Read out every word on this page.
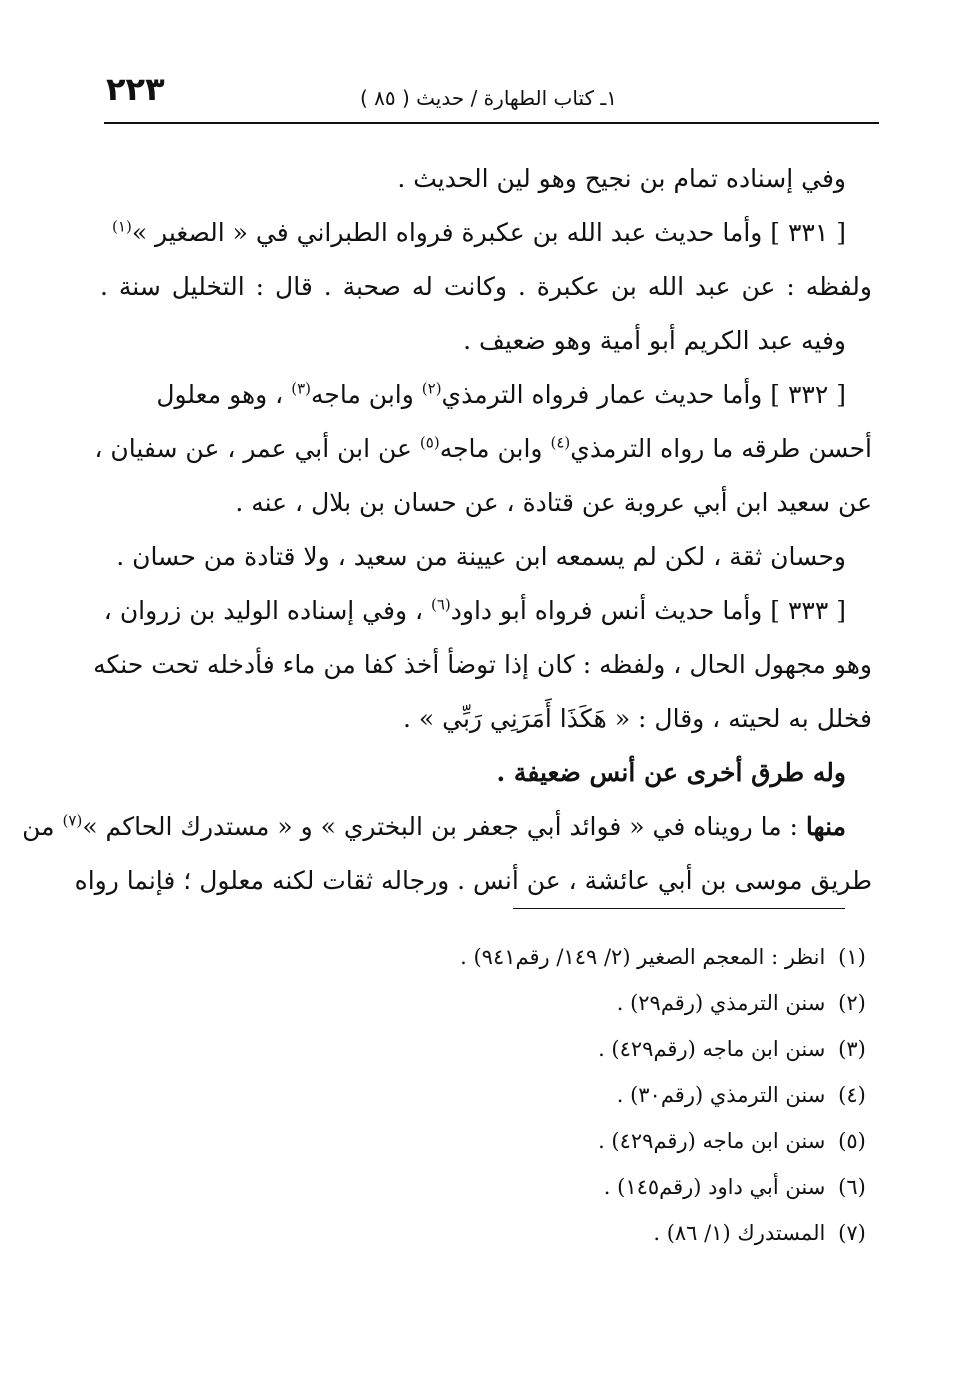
٢٢٣	١ـ كتاب الطهارة / حديث ( ٨٥ )
وفي إسناده تمام بن نجيح وهو لين الحديث .
[ ٣٣١ ] وأما حديث عبد الله بن عكبرة فرواه الطبراني في « الصغير »$^{(١)}$
ولفظه : عن عبد الله بن عكبرة . وكانت له صحبة . قال : التخليل سنة .
وفيه عبد الكريم أبو أمية وهو ضعيف .
[ ٣٣٢ ] وأما حديث عمار فرواه الترمذي$^{(٢)}$ وابن ماجه$^{(٣)}$ ، وهو معلول
أحسن طرقه ما رواه الترمذي$^{(٤)}$ وابن ماجه$^{(٥)}$ عن ابن أبي عمر ، عن سفيان ،
عن سعيد ابن أبي عروبة عن قتادة ، عن حسان بن بلال ، عنه .
وحسان ثقة ، لكن لم يسمعه ابن عيينة من سعيد ، ولا قتادة من حسان .
[ ٣٣٣ ] وأما حديث أنس فرواه أبو داود$^{(٦)}$ ، وفي إسناده الوليد بن زروان ،
وهو مجهول الحال ، ولفظه : كان إذا توضأ أخذ كفا من ماء فأدخله تحت حنكه
فخلل به لحيته ، وقال : « هَكَذَا أَمَرَنِي رَبِّي » .
وله طرق أخرى عن أنس ضعيفة .
منها : ما رويناه في « فوائد أبي جعفر بن البختري » و « مستدرك الحاكم »$^{(٧)}$ من
طريق موسى بن أبي عائشة ، عن أنس . ورجاله ثقات لكنه معلول ؛ فإنما رواه
(١) انظر : المعجم الصغير (٢/ ١٤٩/ رقم٩٤١) .
(٢) سنن الترمذي (رقم٢٩) .
(٣) سنن ابن ماجه (رقم٤٢٩) .
(٤) سنن الترمذي (رقم٣٠) .
(٥) سنن ابن ماجه (رقم٤٢٩) .
(٦) سنن أبي داود (رقم١٤٥) .
(٧) المستدرك (١/ ٨٦) .
